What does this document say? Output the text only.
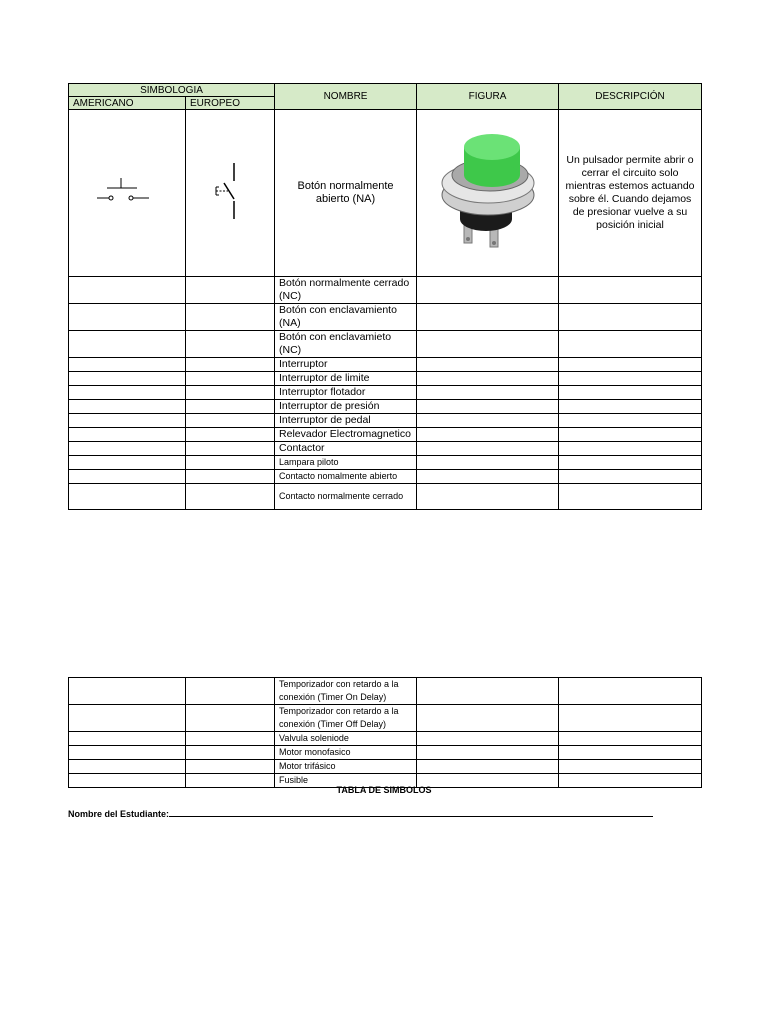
SIMBOLOGIA		NOMBRE	FIGURA	DESCRIPCIÓN
AMERICANO	EUROPEO			
		Botón normalmente abierto (NA)		Un pulsador permite abrir o cerrar el circuito solo mientras estemos actuando sobre él. Cuando dejamos de presionar vuelve a su posición inicial
		Botón normalmente cerrado (NC)		
		Botón con enclavamiento (NA)		
		Botón con enclavamieto (NC)		
		Interruptor		
		Interruptor de limite		
		Interruptor flotador		
		Interruptor de presión		
		Interruptor de pedal		
		Relevador Electromagnetico		
		Contactor		
		Lampara piloto		
		Contacto nomalmente abierto		
		Contacto normalmente cerrado		
		Temporizador con retardo a la conexión (Timer On Delay)		
		Temporizador con retardo a la conexión (Timer Off Delay)		
		Valvula soleniode		
		Motor monofasico		
		Motor trifásico		
		Fusible		
TABLA DE SIMBOLOS
Nombre del Estudiante:
